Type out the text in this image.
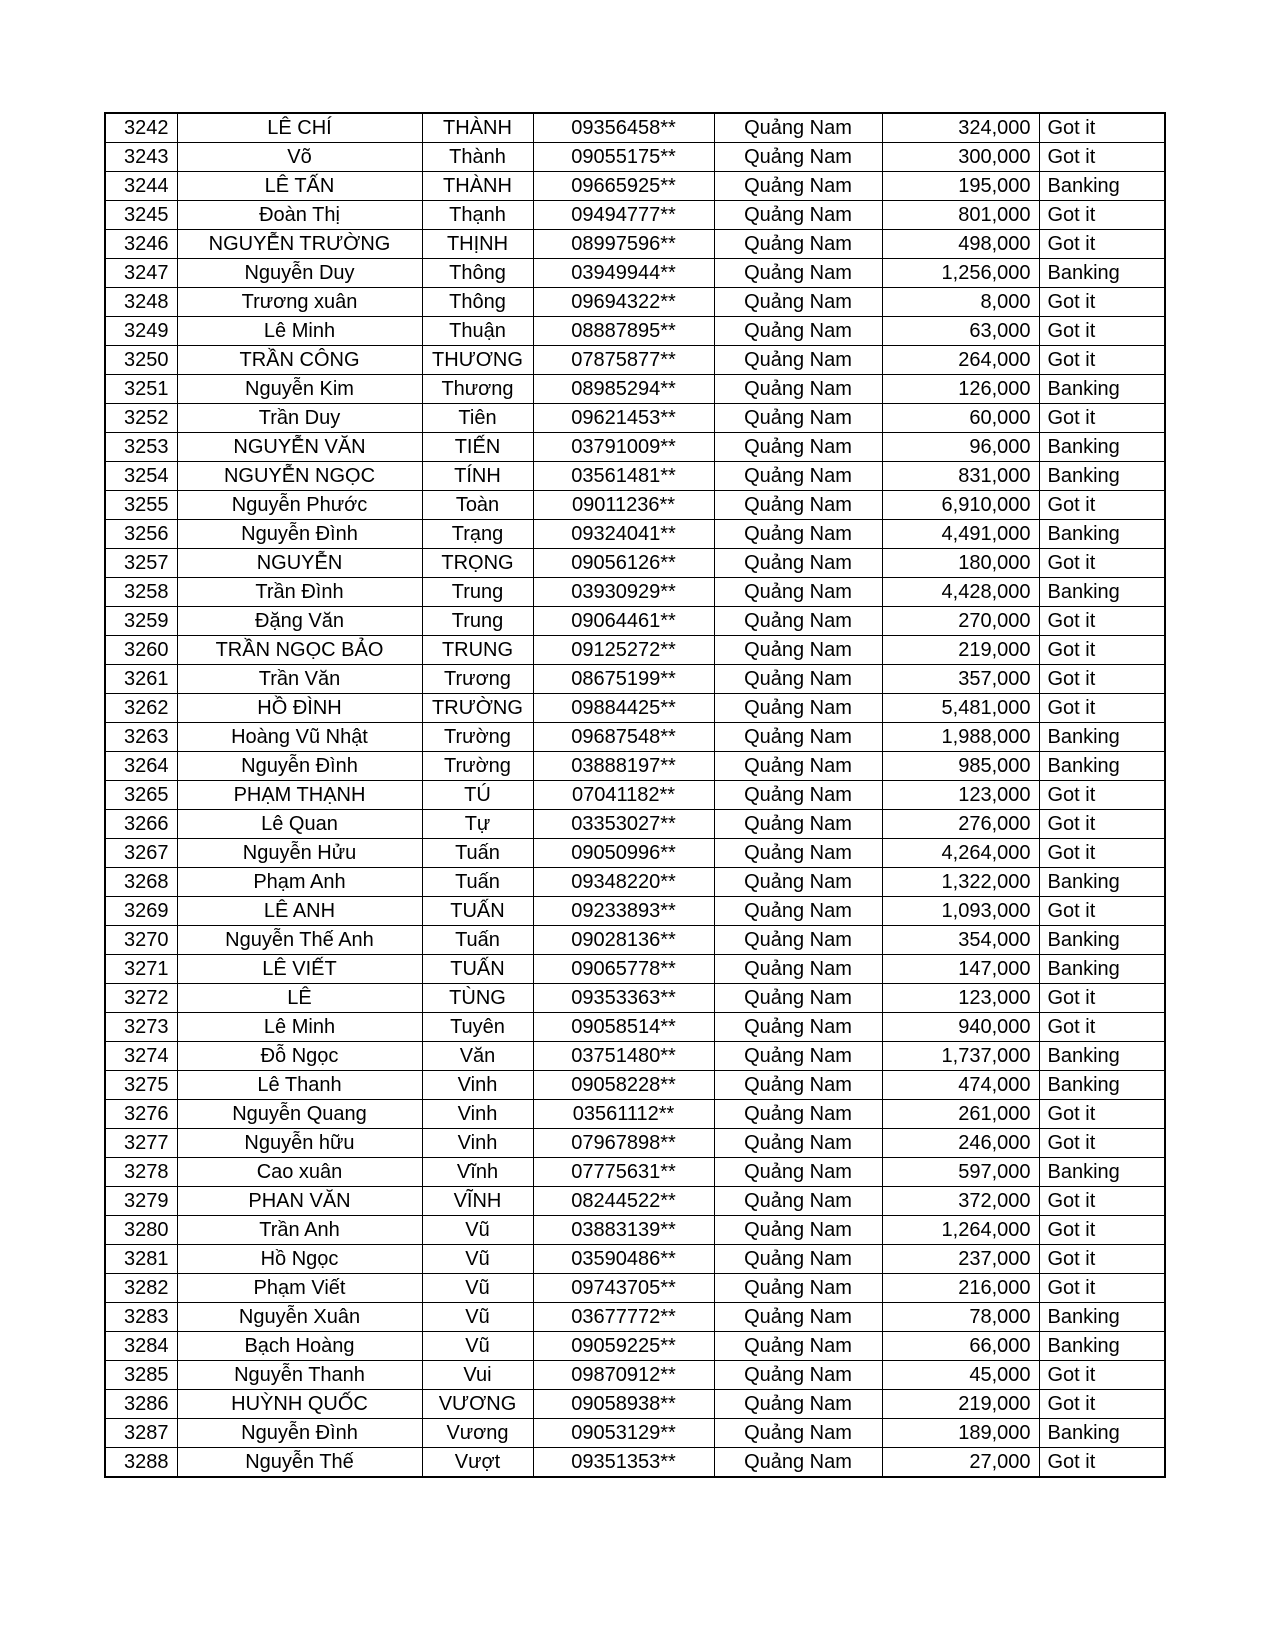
3242	LÊ CHÍ	THÀNH	09356458**	Quảng Nam	324,000	Got it
3243	Võ	Thành	09055175**	Quảng Nam	300,000	Got it
3244	LÊ TẤN	THÀNH	09665925**	Quảng Nam	195,000	Banking
3245	Đoàn Thị	Thạnh	09494777**	Quảng Nam	801,000	Got it
3246	NGUYỄN TRƯỜNG	THỊNH	08997596**	Quảng Nam	498,000	Got it
3247	Nguyễn Duy	Thông	03949944**	Quảng Nam	1,256,000	Banking
3248	Trương xuân	Thông	09694322**	Quảng Nam	8,000	Got it
3249	Lê Minh	Thuận	08887895**	Quảng Nam	63,000	Got it
3250	TRẦN CÔNG	THƯƠNG	07875877**	Quảng Nam	264,000	Got it
3251	Nguyễn Kim	Thương	08985294**	Quảng Nam	126,000	Banking
3252	Trần Duy	Tiên	09621453**	Quảng Nam	60,000	Got it
3253	NGUYỄN VĂN	TIẾN	03791009**	Quảng Nam	96,000	Banking
3254	NGUYỄN NGỌC	TÍNH	03561481**	Quảng Nam	831,000	Banking
3255	Nguyễn Phước	Toàn	09011236**	Quảng Nam	6,910,000	Got it
3256	Nguyễn Đình	Trạng	09324041**	Quảng Nam	4,491,000	Banking
3257	NGUYỄN	TRỌNG	09056126**	Quảng Nam	180,000	Got it
3258	Trần Đình	Trung	03930929**	Quảng Nam	4,428,000	Banking
3259	Đặng Văn	Trung	09064461**	Quảng Nam	270,000	Got it
3260	TRẦN NGỌC BẢO	TRUNG	09125272**	Quảng Nam	219,000	Got it
3261	Trần Văn	Trương	08675199**	Quảng Nam	357,000	Got it
3262	HỒ ĐÌNH	TRƯỜNG	09884425**	Quảng Nam	5,481,000	Got it
3263	Hoàng Vũ Nhật	Trường	09687548**	Quảng Nam	1,988,000	Banking
3264	Nguyễn Đình	Trường	03888197**	Quảng Nam	985,000	Banking
3265	PHẠM THẠNH	TÚ	07041182**	Quảng Nam	123,000	Got it
3266	Lê Quan	Tự	03353027**	Quảng Nam	276,000	Got it
3267	Nguyễn Hửu	Tuấn	09050996**	Quảng Nam	4,264,000	Got it
3268	Phạm Anh	Tuấn	09348220**	Quảng Nam	1,322,000	Banking
3269	LÊ ANH	TUẤN	09233893**	Quảng Nam	1,093,000	Got it
3270	Nguyễn Thế Anh	Tuấn	09028136**	Quảng Nam	354,000	Banking
3271	LÊ VIẾT	TUẤN	09065778**	Quảng Nam	147,000	Banking
3272	LÊ	TÙNG	09353363**	Quảng Nam	123,000	Got it
3273	Lê Minh	Tuyên	09058514**	Quảng Nam	940,000	Got it
3274	Đỗ Ngọc	Văn	03751480**	Quảng Nam	1,737,000	Banking
3275	Lê Thanh	Vinh	09058228**	Quảng Nam	474,000	Banking
3276	Nguyễn Quang	Vinh	03561112**	Quảng Nam	261,000	Got it
3277	Nguyễn hữu	Vinh	07967898**	Quảng Nam	246,000	Got it
3278	Cao xuân	Vĩnh	07775631**	Quảng Nam	597,000	Banking
3279	PHAN VĂN	VĨNH	08244522**	Quảng Nam	372,000	Got it
3280	Trần Anh	Vũ	03883139**	Quảng Nam	1,264,000	Got it
3281	Hồ Ngọc	Vũ	03590486**	Quảng Nam	237,000	Got it
3282	Phạm Viết	Vũ	09743705**	Quảng Nam	216,000	Got it
3283	Nguyễn Xuân	Vũ	03677772**	Quảng Nam	78,000	Banking
3284	Bạch Hoàng	Vũ	09059225**	Quảng Nam	66,000	Banking
3285	Nguyễn Thanh	Vui	09870912**	Quảng Nam	45,000	Got it
3286	HUỲNH QUỐC	VƯƠNG	09058938**	Quảng Nam	219,000	Got it
3287	Nguyễn Đình	Vương	09053129**	Quảng Nam	189,000	Banking
3288	Nguyễn Thế	Vượt	09351353**	Quảng Nam	27,000	Got it
